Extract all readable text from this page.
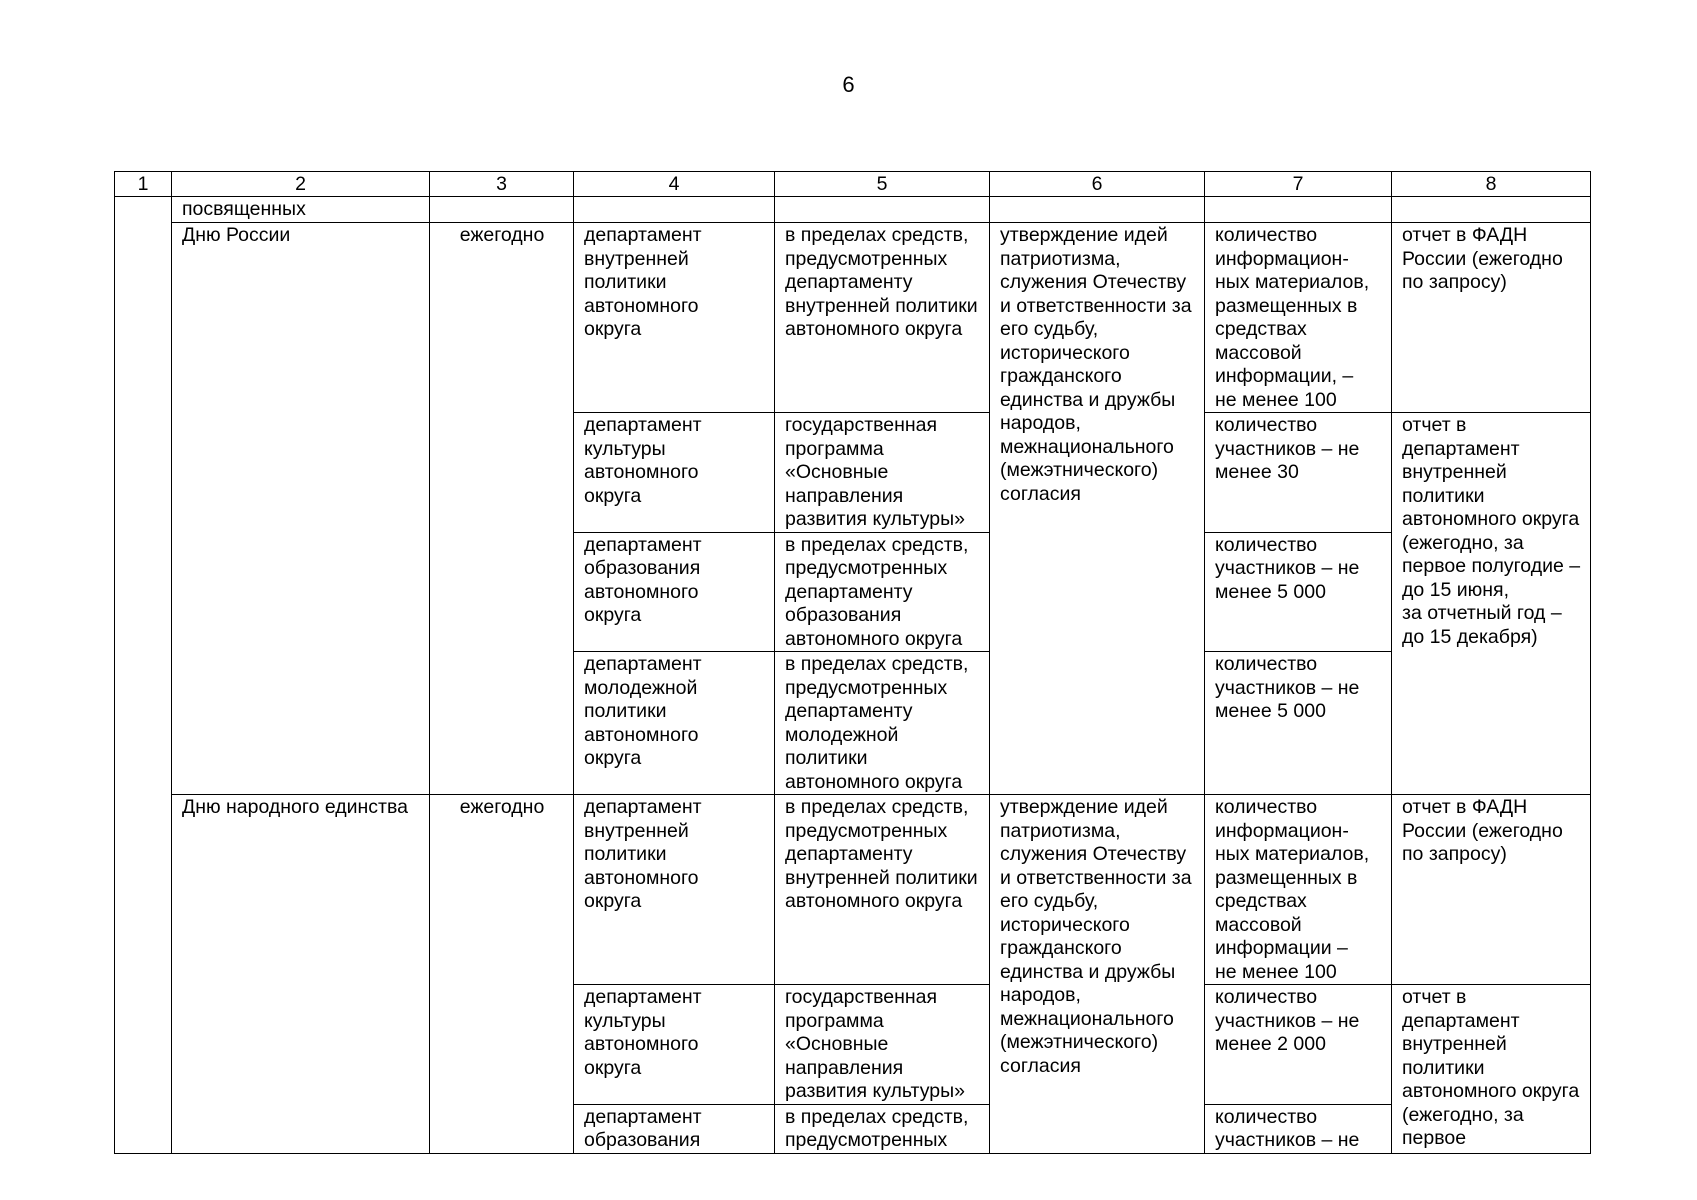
6
1	2	3	4	5	6	7	8
	посвященных						
	Дню России	ежегодно	департамент
внутренней
политики
автономного
округа	в пределах средств, предусмотренных департаменту внутренней политики автономного округа	утверждение идей патриотизма, служения Отечеству и ответственности за его судьбу, исторического гражданского единства и дружбы народов, межнационального (межэтнического) согласия	количество информацион-ных материалов, размещенных в средствах массовой информации, –
не менее 100	отчет в ФАДН России (ежегодно по запросу)
			департамент
культуры
автономного
округа	государственная программа «Основные направления развития культуры»		количество участников – не менее 30	отчет в департамент внутренней политики автономного округа (ежегодно, за первое полугодие –
до 15 июня,
за отчетный год –
до 15 декабря)
			департамент
образования
автономного
округа	в пределах средств, предусмотренных департаменту образования автономного округа		количество участников – не менее 5 000	
			департамент
молодежной
политики
автономного
округа	в пределах средств, предусмотренных департаменту молодежной политики автономного округа		количество участников – не менее 5 000	
	Дню народного единства	ежегодно	департамент
внутренней
политики
автономного
округа	в пределах средств, предусмотренных департаменту внутренней политики автономного округа	утверждение идей патриотизма, служения Отечеству и ответственности за его судьбу, исторического гражданского единства и дружбы народов, межнационального (межэтнического) согласия	количество информацион-ных материалов, размещенных в средствах массовой информации –
не менее 100	отчет в ФАДН России (ежегодно по запросу)
			департамент
культуры
автономного
округа	государственная программа «Основные направления развития культуры»		количество участников – не менее 2 000	отчет в департамент внутренней политики автономного округа (ежегодно, за первое
			департамент
образования	в пределах средств, предусмотренных		количество участников – не	
